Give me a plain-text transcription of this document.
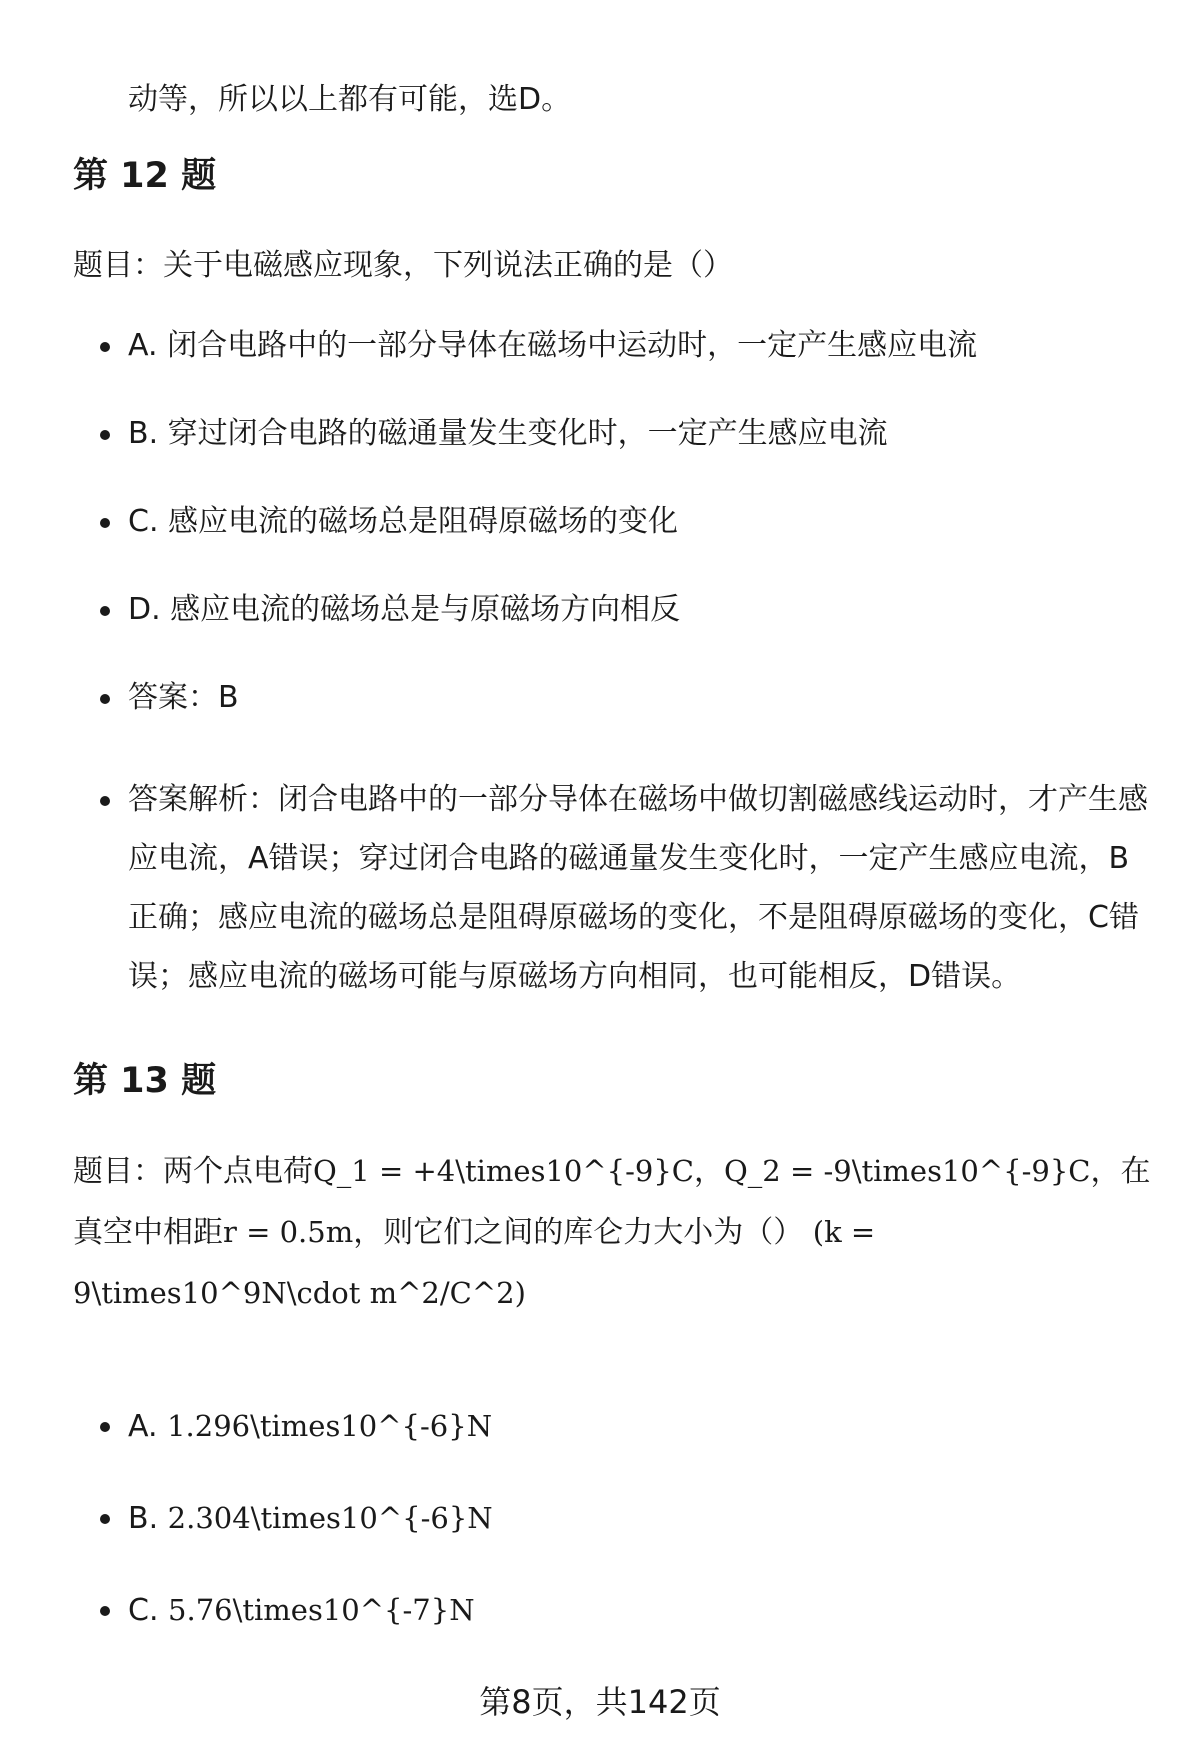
动等，所以以上都有可能，选D。
第 12 题
题目：关于电磁感应现象，下列说法正确的是（）
A. 闭合电路中的一部分导体在磁场中运动时，一定产生感应电流
B. 穿过闭合电路的磁通量发生变化时，一定产生感应电流
C. 感应电流的磁场总是阻碍原磁场的变化
D. 感应电流的磁场总是与原磁场方向相反
答案：B
答案解析：闭合电路中的一部分导体在磁场中做切割磁感线运动时，才产生感应电流，A错误；穿过闭合电路的磁通量发生变化时，一定产生感应电流，B正确；感应电流的磁场总是阻碍原磁场的变化，不是阻碍原磁场的变化，C错误；感应电流的磁场可能与原磁场方向相同，也可能相反，D错误。
第 13 题
题目：两个点电荷Q_1 = +4\times10^{-9}C，Q_2 = -9\times10^{-9}C，在真空中相距r = 0.5m，则它们之间的库仑力大小为（） (k = 9\times10^9N\cdot m^2/C^2)
A. 1.296\times10^{-6}N
B. 2.304\times10^{-6}N
C. 5.76\times10^{-7}N
第8页，共142页
